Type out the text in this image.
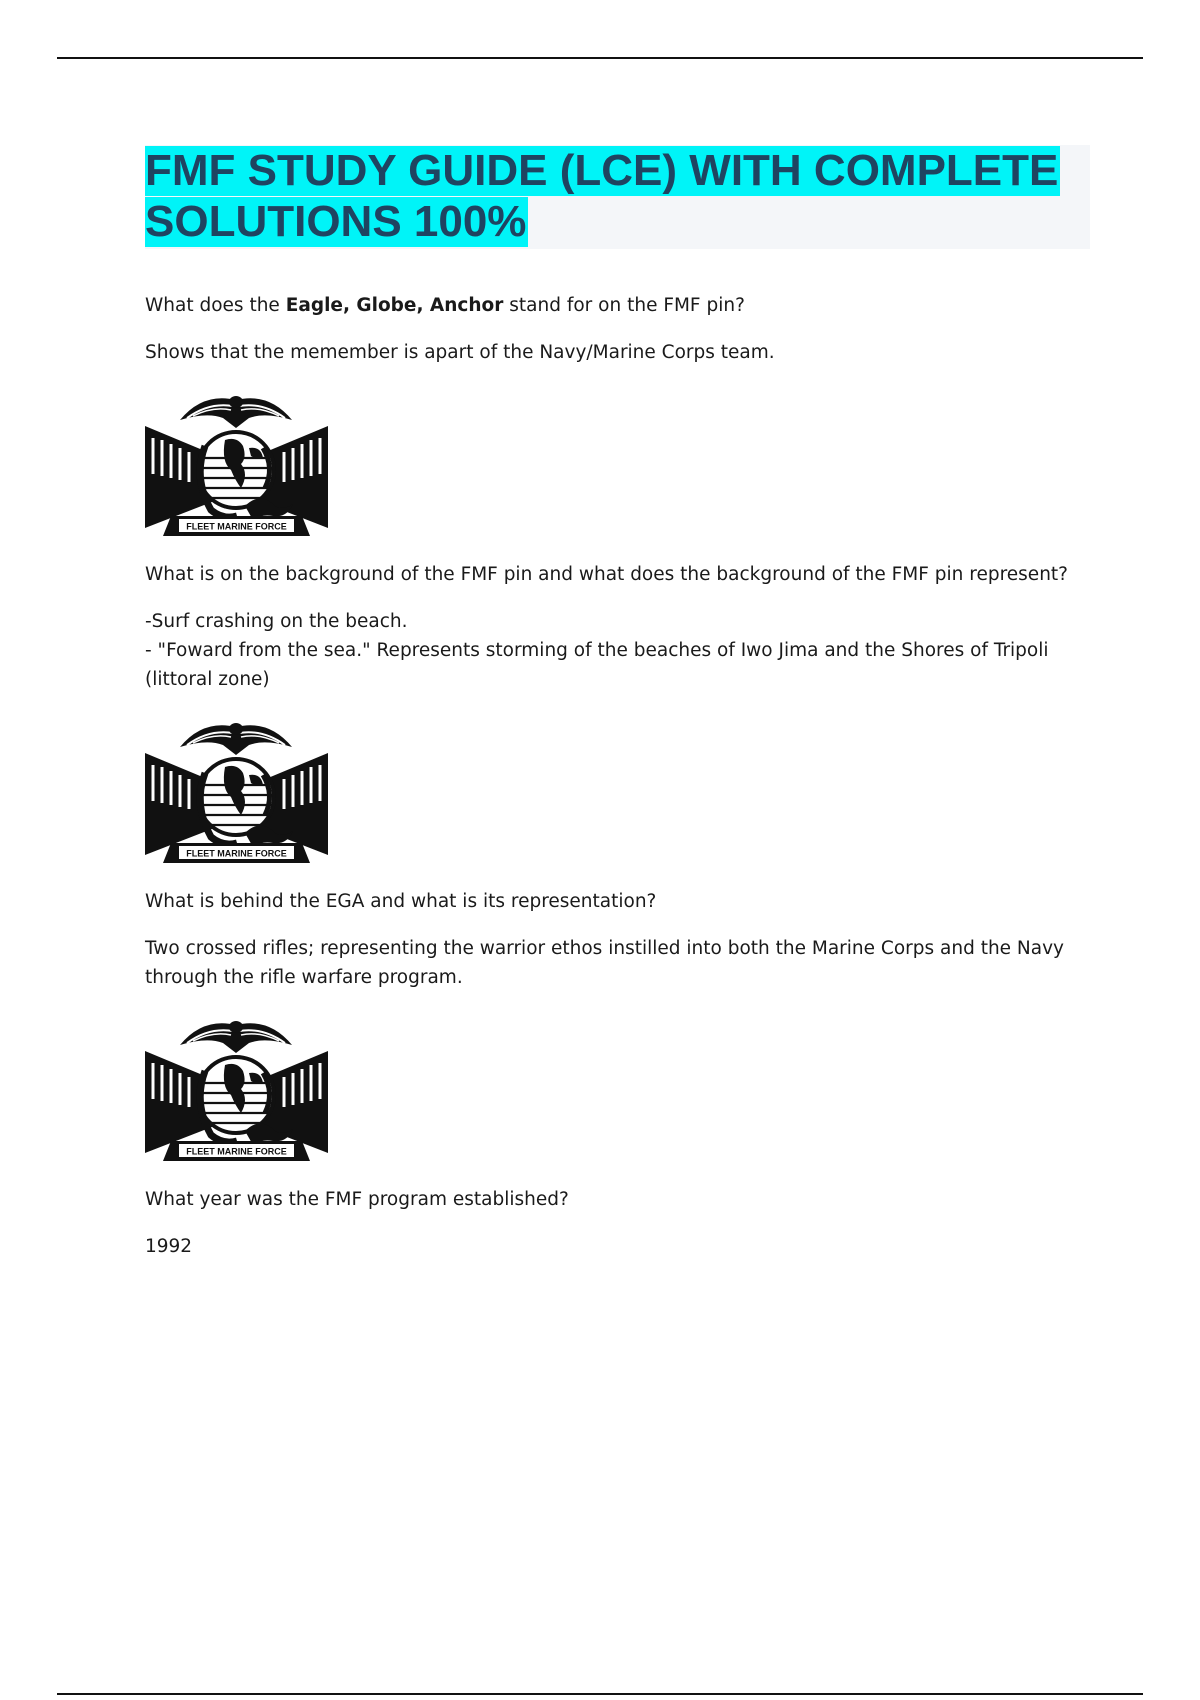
FMF STUDY GUIDE (LCE) WITH COMPLETE SOLUTIONS 100%

What does the Eagle, Globe, Anchor stand for on the FMF pin?

Shows that the memember is apart of the Navy/Marine Corps team.

FLEET MARINE FORCE

What is on the background of the FMF pin and what does the background of the FMF pin represent?

-Surf crashing on the beach.

- "Foward from the sea." Represents storming of the beaches of Iwo Jima and the Shores of Tripoli

(littoral zone)

FLEET MARINE FORCE

What is behind the EGA and what is its representation?

Two crossed rifles; representing the warrior ethos instilled into both the Marine Corps and the Navy through the rifle warfare program.

FLEET MARINE FORCE

What year was the FMF program established?

1992
